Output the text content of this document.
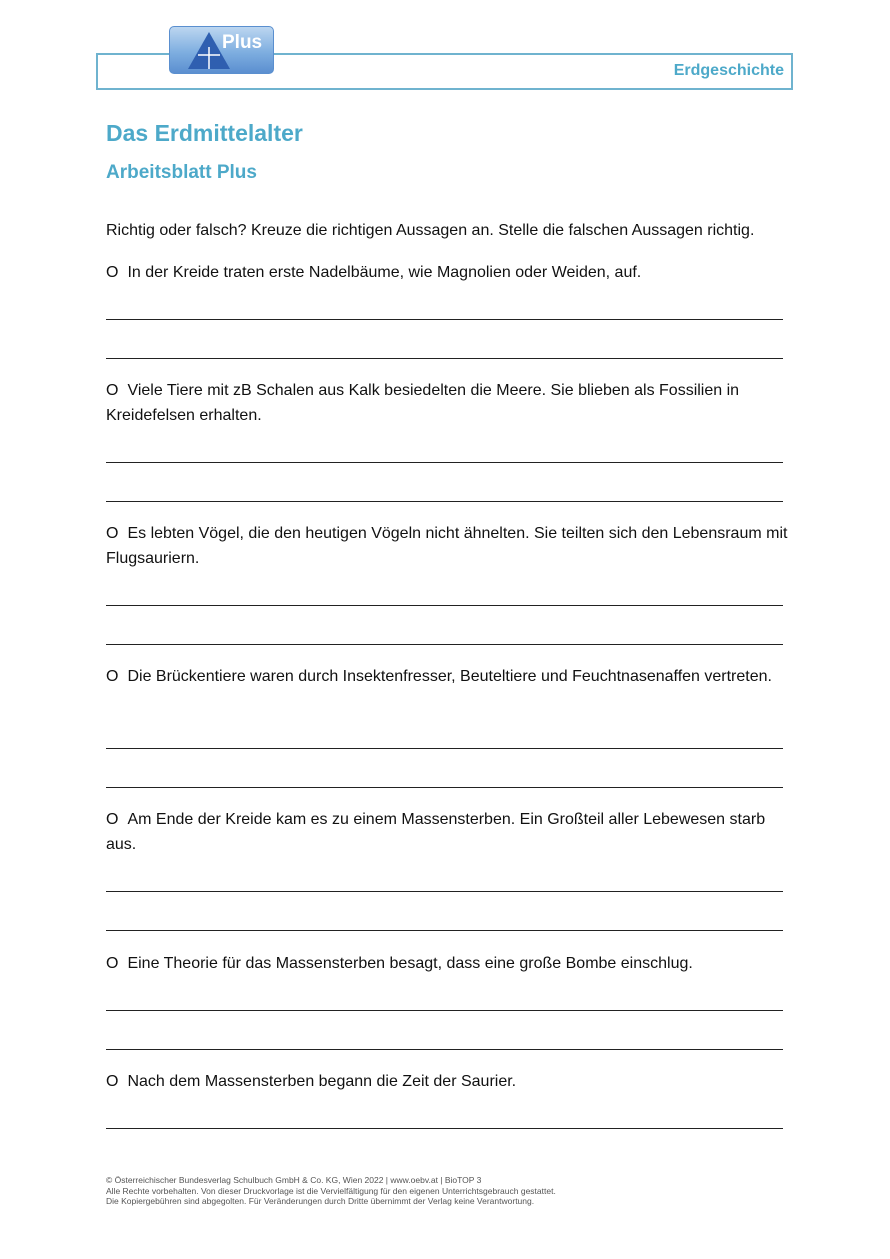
Plus
Erdgeschichte
Das Erdmittelalter
Arbeitsblatt Plus
Richtig oder falsch? Kreuze die richtigen Aussagen an. Stelle die falschen Aussagen richtig.
O In der Kreide traten erste Nadelbäume, wie Magnolien oder Weiden, auf.
O Viele Tiere mit zB Schalen aus Kalk besiedelten die Meere. Sie blieben als Fossilien in Kreidefelsen erhalten.
O Es lebten Vögel, die den heutigen Vögeln nicht ähnelten. Sie teilten sich den Lebensraum mit Flugsauriern.
O Die Brückentiere waren durch Insektenfresser, Beuteltiere und Feuchtnasenaffen vertreten.
O Am Ende der Kreide kam es zu einem Massensterben. Ein Großteil aller Lebewesen starb aus.
O Eine Theorie für das Massensterben besagt, dass eine große Bombe einschlug.
O Nach dem Massensterben begann die Zeit der Saurier.
© Österreichischer Bundesverlag Schulbuch GmbH & Co. KG, Wien 2022 | www.oebv.at | BioTOP 3
Alle Rechte vorbehalten. Von dieser Druckvorlage ist die Vervielfältigung für den eigenen Unterrichtsgebrauch gestattet.
Die Kopiergebühren sind abgegolten. Für Veränderungen durch Dritte übernimmt der Verlag keine Verantwortung.
